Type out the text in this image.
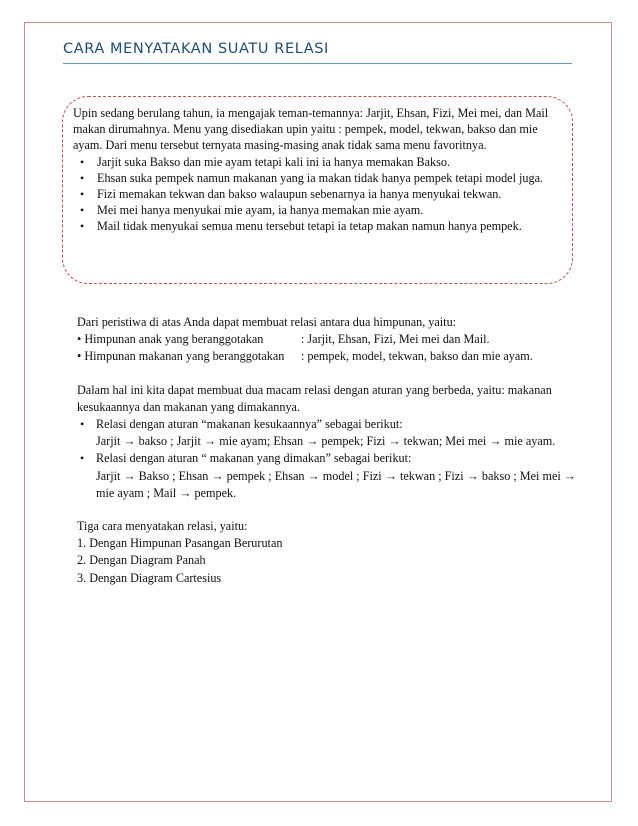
CARA MENYATAKAN SUATU RELASI

Upin sedang berulang tahun, ia mengajak teman-temannya: Jarjit, Ehsan, Fizi, Mei mei, dan Mail makan dirumahnya. Menu yang disediakan upin yaitu : pempek, model, tekwan, bakso dan mie ayam. Dari menu tersebut ternyata masing-masing anak tidak sama menu favoritnya.

• Jarjit suka Bakso dan mie ayam tetapi kali ini ia hanya memakan Bakso.
• Ehsan suka pempek namun makanan yang ia makan tidak hanya pempek tetapi model juga.
• Fizi memakan tekwan dan bakso walaupun sebenarnya ia hanya menyukai tekwan.
• Mei mei hanya menyukai mie ayam, ia hanya memakan mie ayam.
• Mail tidak menyukai semua menu tersebut tetapi ia tetap makan namun hanya pempek.

Dari peristiwa di atas Anda dapat membuat relasi antara dua himpunan, yaitu:

• Himpunan anak yang beranggotakan	: Jarjit, Ehsan, Fizi, Mei mei dan Mail.
• Himpunan makanan yang beranggotakan	: pempek, model, tekwan, bakso dan mie ayam.

Dalam hal ini kita dapat membuat dua macam relasi dengan aturan yang berbeda, yaitu: makanan kesukaannya dan makanan yang dimakannya.

• Relasi dengan aturan “makanan kesukaannya” sebagai berikut:
Jarjit → bakso ; Jarjit → mie ayam; Ehsan → pempek; Fizi → tekwan; Mei mei → mie ayam.
• Relasi dengan aturan “ makanan yang dimakan” sebagai berikut:
Jarjit → Bakso ; Ehsan → pempek ; Ehsan → model ; Fizi → tekwan ; Fizi → bakso ; Mei mei → mie ayam ; Mail → pempek.

Tiga cara menyatakan relasi, yaitu:

1. Dengan Himpunan Pasangan Berurutan

2. Dengan Diagram Panah

3. Dengan Diagram Cartesius
